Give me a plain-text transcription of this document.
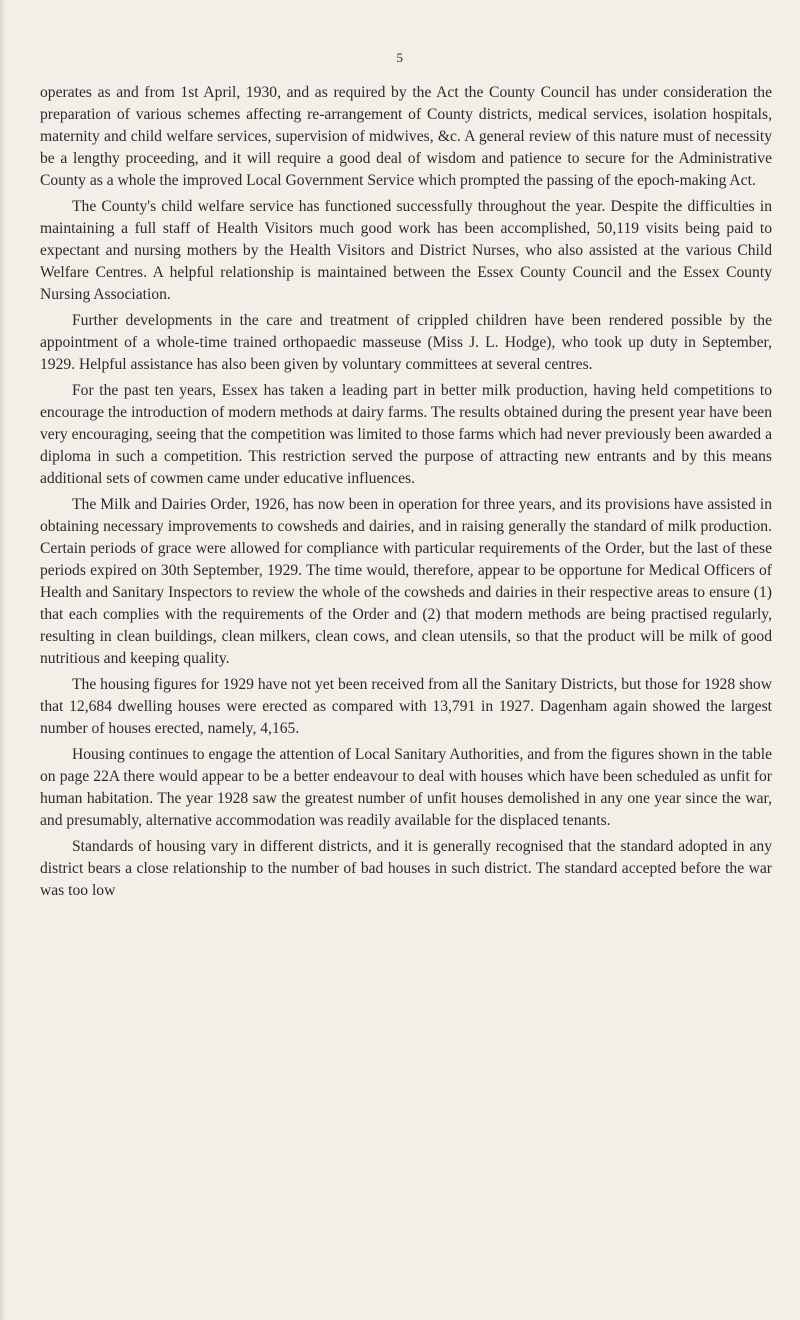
5

operates as and from 1st April, 1930, and as required by the Act the County Council has under consideration the preparation of various schemes affecting re-arrangement of County districts, medical services, isolation hospitals, maternity and child welfare services, supervision of midwives, &c. A general review of this nature must of necessity be a lengthy proceeding, and it will require a good deal of wisdom and patience to secure for the Administrative County as a whole the improved Local Government Service which prompted the passing of the epoch-making Act.

The County's child welfare service has functioned successfully throughout the year. Despite the difficulties in maintaining a full staff of Health Visitors much good work has been accomplished, 50,119 visits being paid to expectant and nursing mothers by the Health Visitors and District Nurses, who also assisted at the various Child Welfare Centres. A helpful relationship is maintained between the Essex County Council and the Essex County Nursing Association.

Further developments in the care and treatment of crippled children have been rendered possible by the appointment of a whole-time trained orthopaedic masseuse (Miss J. L. Hodge), who took up duty in September, 1929. Helpful assistance has also been given by voluntary committees at several centres.

For the past ten years, Essex has taken a leading part in better milk production, having held competitions to encourage the introduction of modern methods at dairy farms. The results obtained during the present year have been very encouraging, seeing that the competition was limited to those farms which had never previously been awarded a diploma in such a competition. This restriction served the purpose of attracting new entrants and by this means additional sets of cowmen came under educative influences.

The Milk and Dairies Order, 1926, has now been in operation for three years, and its provisions have assisted in obtaining necessary improvements to cowsheds and dairies, and in raising generally the standard of milk production. Certain periods of grace were allowed for compliance with particular requirements of the Order, but the last of these periods expired on 30th September, 1929. The time would, therefore, appear to be opportune for Medical Officers of Health and Sanitary Inspectors to review the whole of the cowsheds and dairies in their respective areas to ensure (1) that each complies with the requirements of the Order and (2) that modern methods are being practised regularly, resulting in clean buildings, clean milkers, clean cows, and clean utensils, so that the product will be milk of good nutritious and keeping quality.

The housing figures for 1929 have not yet been received from all the Sanitary Districts, but those for 1928 show that 12,684 dwelling houses were erected as compared with 13,791 in 1927. Dagenham again showed the largest number of houses erected, namely, 4,165.

Housing continues to engage the attention of Local Sanitary Authorities, and from the figures shown in the table on page 22A there would appear to be a better endeavour to deal with houses which have been scheduled as unfit for human habitation. The year 1928 saw the greatest number of unfit houses demolished in any one year since the war, and presumably, alternative accommodation was readily available for the displaced tenants.

Standards of housing vary in different districts, and it is generally recognised that the standard adopted in any district bears a close relationship to the number of bad houses in such district. The standard accepted before the war was too low
